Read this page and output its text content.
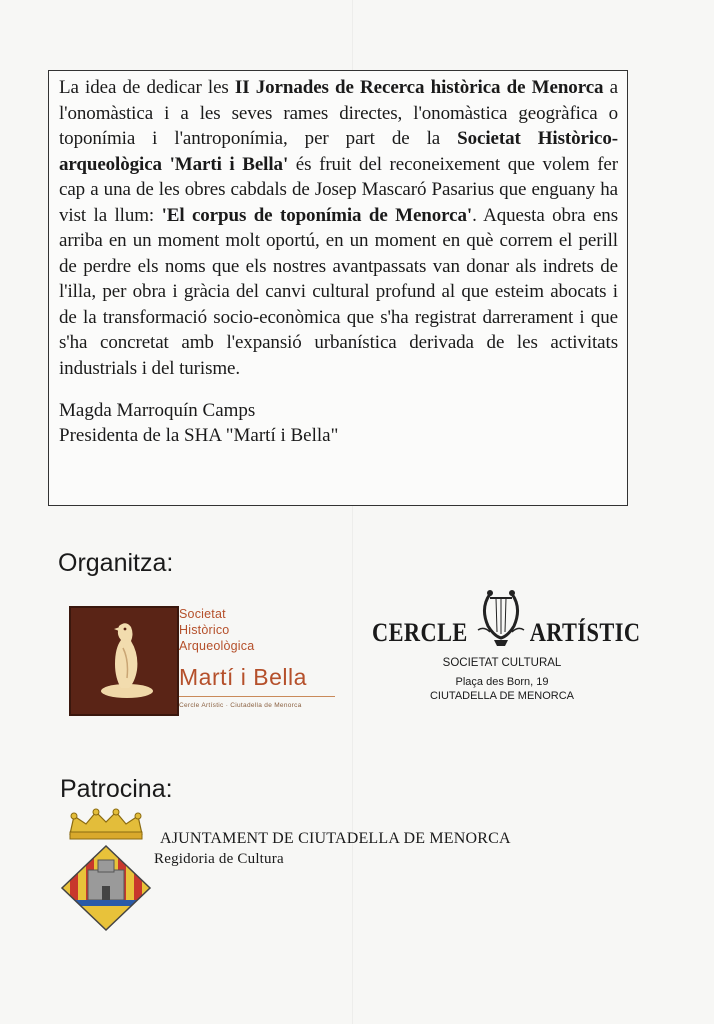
La idea de dedicar les II Jornades de Recerca històrica de Menorca a l'onomàstica i a les seves rames directes, l'onomàstica geogràfica o toponímia i l'antroponímia, per part de la Societat Històrico-arqueològica 'Marti i Bella' és fruit del reconeixement que volem fer cap a una de les obres cabdals de Josep Mascaró Pasarius que enguany ha vist la llum: 'El corpus de toponímia de Menorca'. Aquesta obra ens arriba en un moment molt oportú, en un moment en què correm el perill de perdre els noms que els nostres avantpassats van donar als indrets de l'illa, per obra i gràcia del canvi cultural profund al que esteim abocats i de la transformació socio-econòmica que s'ha registrat darrerament i que s'ha concretat amb l'expansió urbanística derivada de les activitats industrials i del turisme.

Magda Marroquín Camps
Presidenta de la SHA "Martí i Bella"
Organitza:
Societat
Històrico
Arqueològica
Martí i Bella
Cercle Artístic · Ciutadella de Menorca
CERCLE ARTÍSTIC
SOCIETAT CULTURAL
Plaça des Born, 19
CIUTADELLA DE MENORCA
Patrocina:
AJUNTAMENT DE CIUTADELLA DE MENORCA
Regidoria de Cultura
